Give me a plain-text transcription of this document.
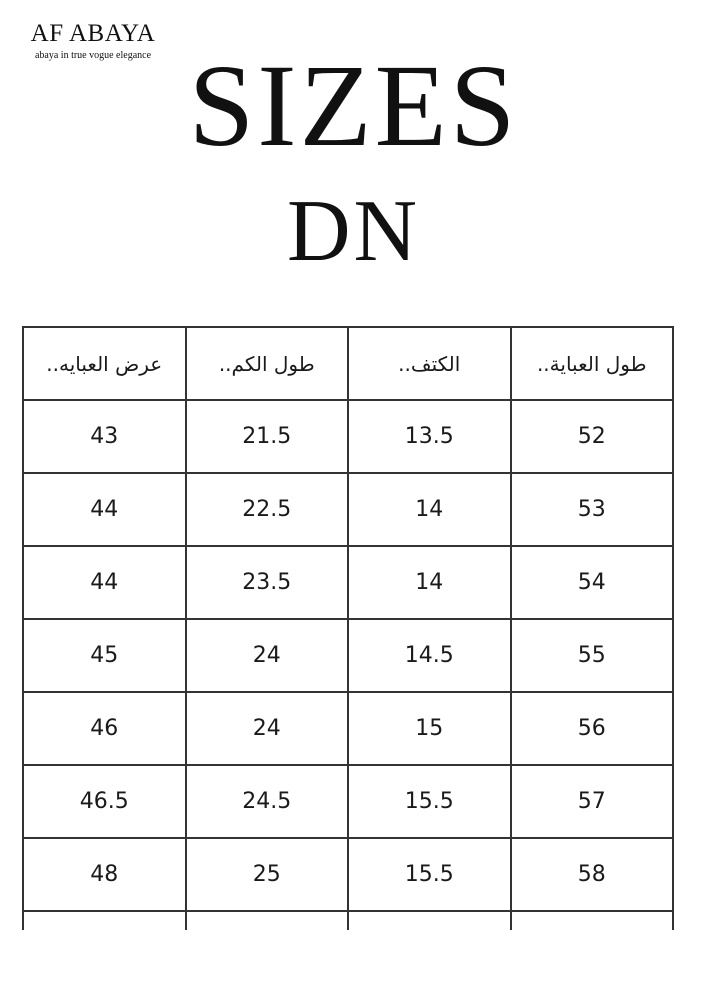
AF ABAYA
abaya in true vogue elegance SIZES
DN
عرض العبايه..	طول الكم..	الكتف..	طول العباية..
43	21.5	13.5	52
44	22.5	14	53
44	23.5	14	54
45	24	14.5	55
46	24	15	56
46.5	24.5	15.5	57
48	25	15.5	58
